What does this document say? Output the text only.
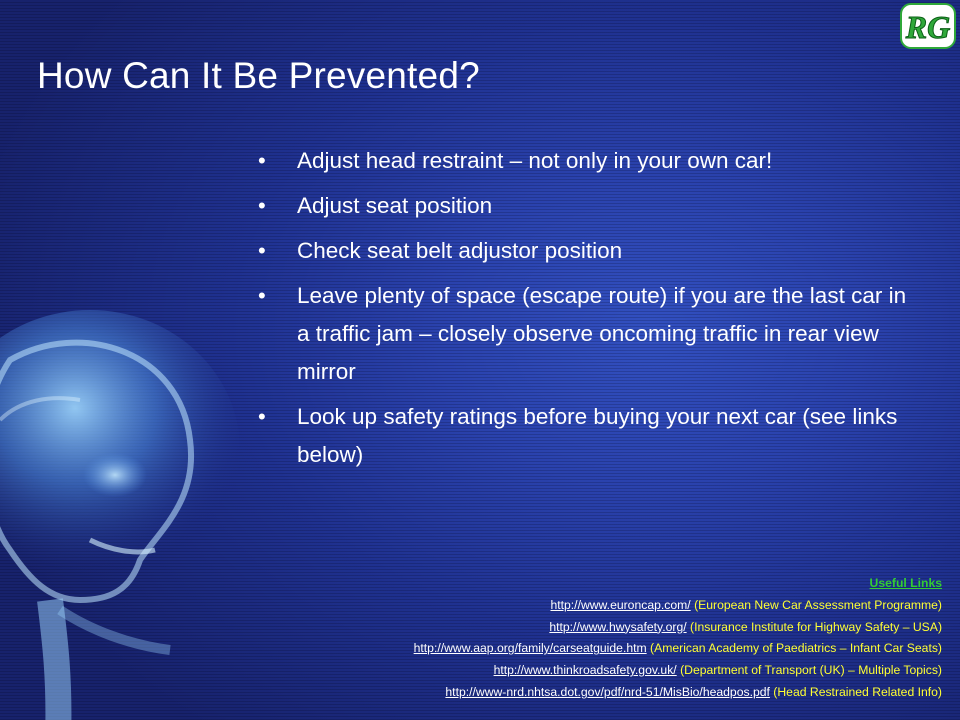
How Can It Be Prevented?
RG
• Adjust head restraint – not only in your own car!
• Adjust seat position
• Check seat belt adjustor position
• Leave plenty of space (escape route) if you are the last car in a traffic jam – closely observe oncoming traffic in rear view mirror
• Look up safety ratings before buying your next car (see links below)
Useful Links
http://www.euroncap.com/ (European New Car Assessment Programme)
http://www.hwysafety.org/ (Insurance Institute for Highway Safety – USA)
http://www.aap.org/family/carseatguide.htm (American Academy of Paediatrics – Infant Car Seats)
http://www.thinkroadsafety.gov.uk/ (Department of Transport (UK) – Multiple Topics)
http://www-nrd.nhtsa.dot.gov/pdf/nrd-51/MisBio/headpos.pdf (Head Restrained Related Info)
